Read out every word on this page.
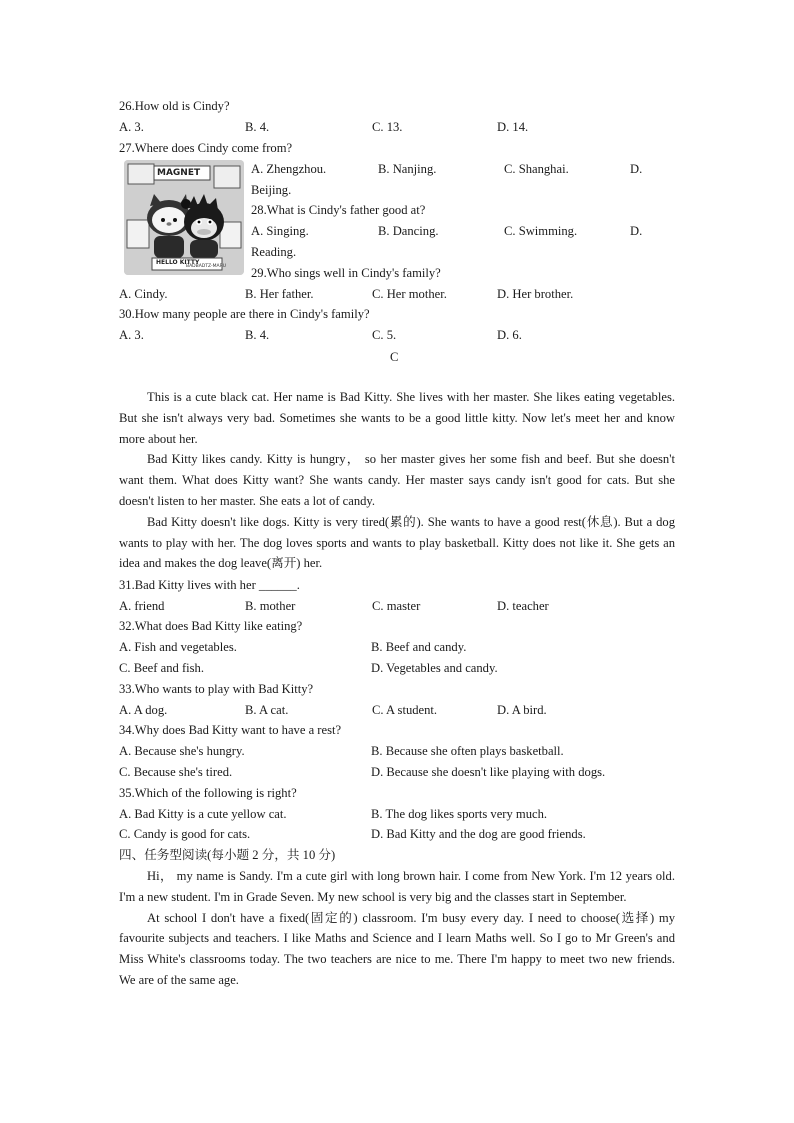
26.How old is Cindy?
A. 3.	B. 4.	C. 13.	D. 14.
27.Where does Cindy come from?
MAGNET
HELLO KITTY
BADBADTZ-MARU
A. Zhengzhou.	B. Nanjing.	C. Shanghai.	D.
Beijing.
28.What is Cindy's father good at?
A. Singing.	B. Dancing.	C. Swimming.	D.
Reading.
29.Who sings well in Cindy's family?
A. Cindy.	B. Her father.	C. Her mother.	D. Her brother.
30.How many people are there in Cindy's family?
A. 3.	B. 4.	C. 5.	D. 6.
C

This is a cute black cat. Her name is Bad Kitty. She lives with her master. She likes eating vegetables. But she isn't always very bad. Sometimes she wants to be a good little kitty. Now let's meet her and know more about her.

Bad Kitty likes candy. Kitty is hungry， so her master gives her some fish and beef. But she doesn't want them. What does Kitty want? She wants candy. Her master says candy isn't good for cats. But she doesn't listen to her master. She eats a lot of candy.

Bad Kitty doesn't like dogs. Kitty is very tired(累的). She wants to have a good rest(休息). But a dog wants to play with her. The dog loves sports and wants to play basketball. Kitty does not like it. She gets an idea and makes the dog leave(离开) her.

31.Bad Kitty lives with her ______.
A. friend	B. mother	C. master	D. teacher
32.What does Bad Kitty like eating?
A. Fish and vegetables.	B. Beef and candy.
C. Beef and fish.	D. Vegetables and candy.
33.Who wants to play with Bad Kitty?
A. A dog.	B. A cat.	C. A student.	D. A bird.
34.Why does Bad Kitty want to have a rest?
A. Because she's hungry.	B. Because she often plays basketball.
C. Because she's tired.	D. Because she doesn't like playing with dogs.
35.Which of the following is right?
A. Bad Kitty is a cute yellow cat.	B. The dog likes sports very much.
C. Candy is good for cats.	D. Bad Kitty and the dog are good friends.
四、任务型阅读(每小题 2 分，共 10 分)

Hi， my name is Sandy. I'm a cute girl with long brown hair. I come from New York. I'm 12 years old. I'm a new student. I'm in Grade Seven. My new school is very big and the classes start in September.

At school I don't have a fixed(固定的) classroom. I'm busy every day. I need to choose(选择) my favourite subjects and teachers. I like Maths and Science and I learn Maths well. So I go to Mr Green's and Miss White's classrooms today. The two teachers are nice to me. There I'm happy to meet two new friends. We are of the same age.
